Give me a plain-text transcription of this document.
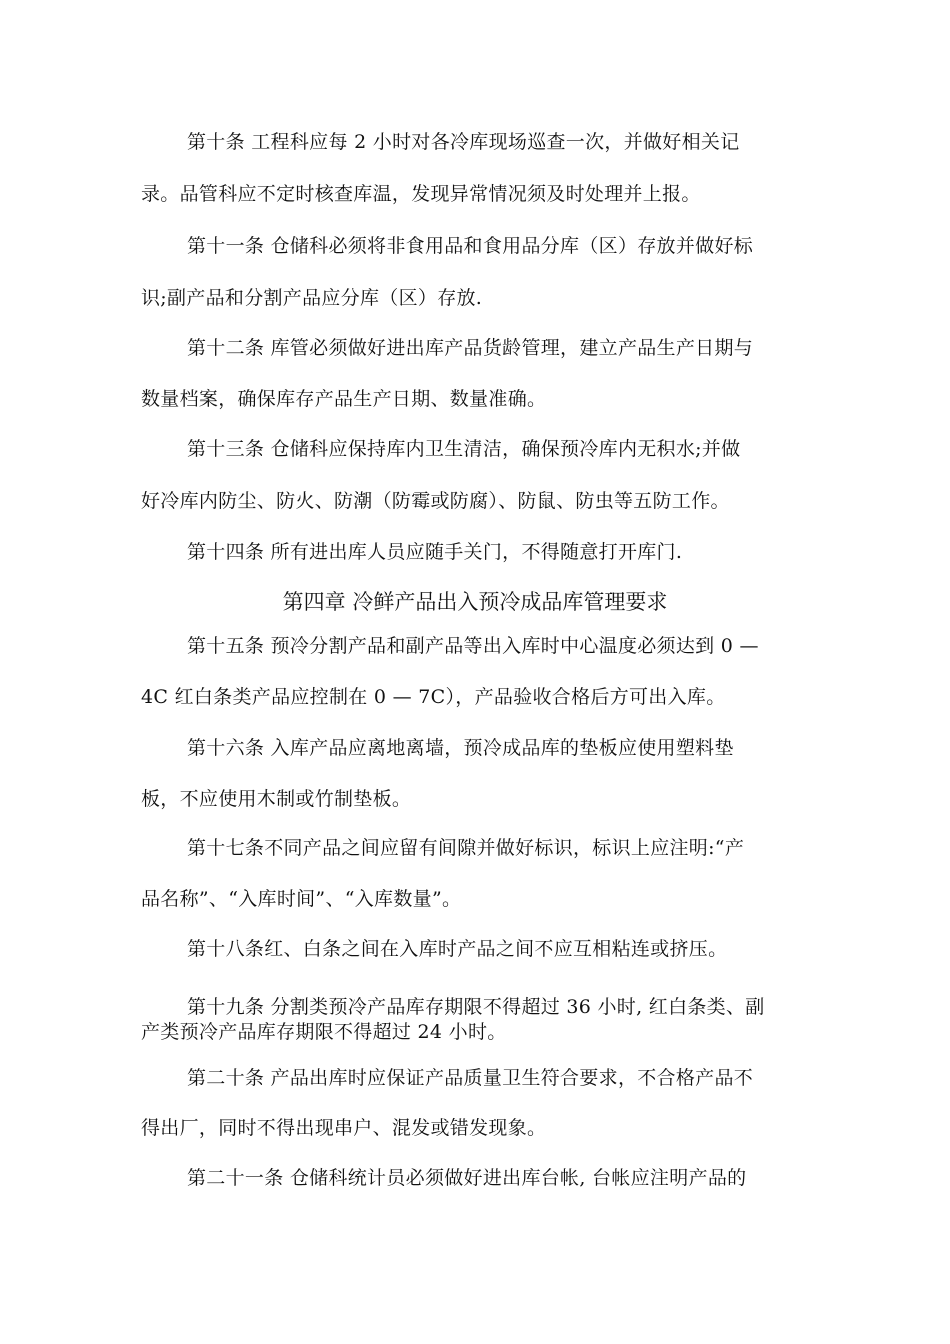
第十条 工程科应每 2 小时对各冷库现场巡查一次，并做好相关记
录。品管科应不定时核查库温，发现异常情况须及时处理并上报。
第十一条 仓储科必须将非食用品和食用品分库（区）存放并做好标
识;副产品和分割产品应分库（区）存放.
第十二条 库管必须做好进出库产品货龄管理，建立产品生产日期与
数量档案，确保库存产品生产日期、数量准确。
第十三条 仓储科应保持库内卫生清洁，确保预冷库内无积水;并做
好冷库内防尘、防火、防潮（防霉或防腐）、防鼠、防虫等五防工作。
第十四条 所有进出库人员应随手关门，不得随意打开库门.
第四章 冷鲜产品出入预冷成品库管理要求
第十五条 预冷分割产品和副产品等出入库时中心温度必须达到 0 —
4C 红白条类产品应控制在 0 — 7C），产品验收合格后方可出入库。
第十六条 入库产品应离地离墙，预冷成品库的垫板应使用塑料垫
板，不应使用木制或竹制垫板。
第十七条不同产品之间应留有间隙并做好标识，标识上应注明:“产
品名称”、“入库时间”、“入库数量”。
第十八条红、白条之间在入库时产品之间不应互相粘连或挤压。
第十九条 分割类预冷产品库存期限不得超过 36 小时, 红白条类、副
产类预冷产品库存期限不得超过 24 小时。
第二十条 产品出库时应保证产品质量卫生符合要求，不合格产品不
得出厂，同时不得出现串户、混发或错发现象。
第二十一条 仓储科统计员必须做好进出库台帐, 台帐应注明产品的
